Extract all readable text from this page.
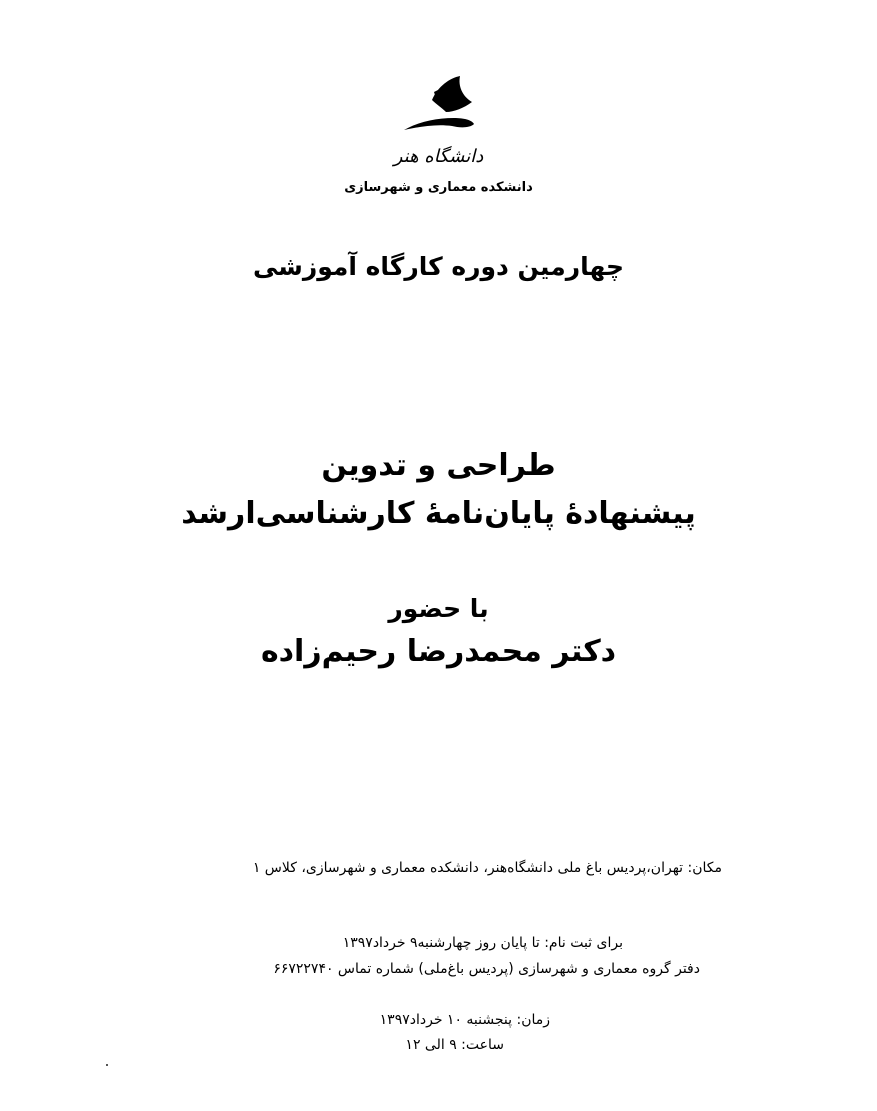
دانشگاه هنر
دانشکده معماری و شهرسازی
چهارمین دوره کارگاه آموزشی
طراحی و تدوین
پیشنهادهٔ پایان‌نامهٔ کارشناسی‌ارشد
با حضور
دکتر محمدرضا رحیم‌زاده
مکان: تهران،پردیس باغ ملی دانشگاه‌هنر، دانشکده معماری و شهرسازی، کلاس ۱
برای ثبت نام: تا پایان روز چهارشنبه۹ خرداد۱۳۹۷
دفتر گروه معماری و شهرسازی (پردیس باغ‌ملی) شماره تماس ۶۶۷۲۲۷۴۰
زمان: پنجشنبه ۱۰ خرداد۱۳۹۷
ساعت: ۹ الی ۱۲
